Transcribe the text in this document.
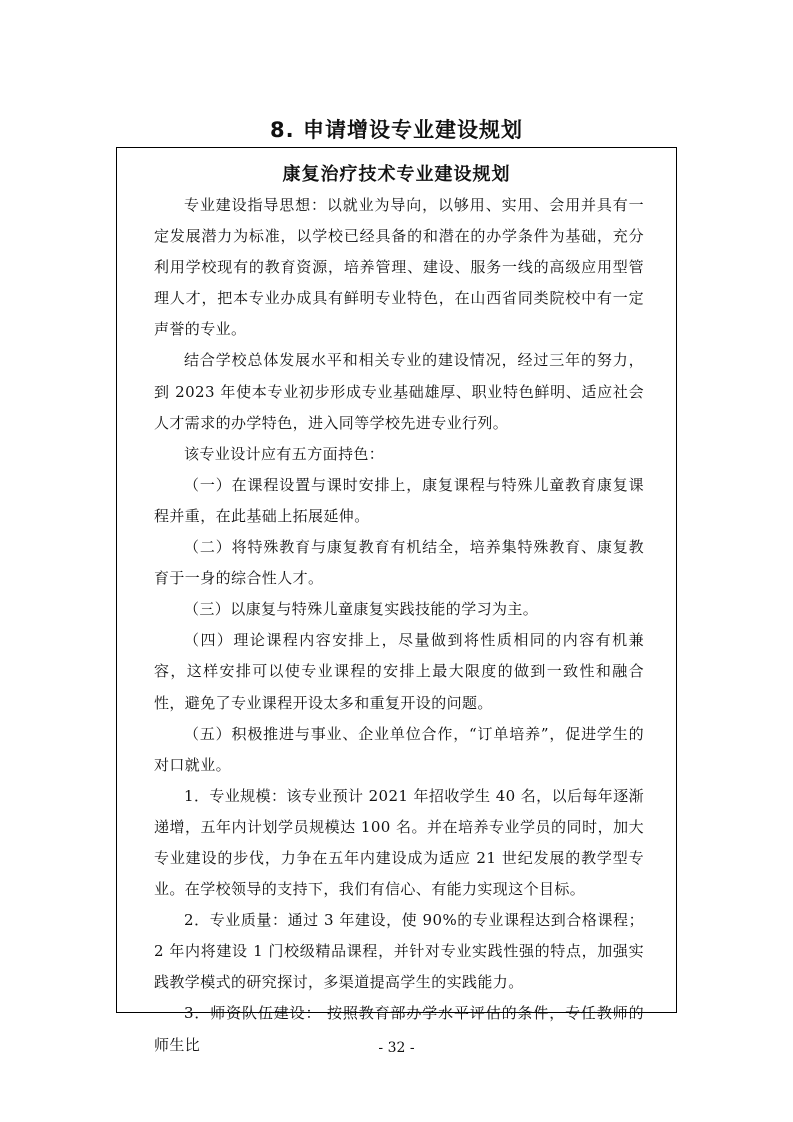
8. 申请增设专业建设规划
康复治疗技术专业建设规划

专业建设指导思想：以就业为导向，以够用、实用、会用并具有一定发展潜力为标准，以学校已经具备的和潜在的办学条件为基础，充分利用学校现有的教育资源，培养管理、建设、服务一线的高级应用型管理人才，把本专业办成具有鲜明专业特色，在山西省同类院校中有一定声誉的专业。

结合学校总体发展水平和相关专业的建设情况，经过三年的努力，到 2023 年使本专业初步形成专业基础雄厚、职业特色鲜明、适应社会人才需求的办学特色，进入同等学校先进专业行列。

该专业设计应有五方面持色：

（一）在课程设置与课时安排上，康复课程与特殊儿童教育康复课程并重，在此基础上拓展延伸。

（二）将特殊教育与康复教育有机结全，培养集特殊教育、康复教育于一身的综合性人才。

（三）以康复与特殊儿童康复实践技能的学习为主。

（四）理论课程内容安排上，尽量做到将性质相同的内容有机兼容，这样安排可以使专业课程的安排上最大限度的做到一致性和融合性，避免了专业课程开设太多和重复开设的问题。

（五）积极推进与事业、企业单位合作，“订单培养”，促进学生的对口就业。

1．专业规模：该专业预计 2021 年招收学生 40 名，以后每年逐渐递增，五年内计划学员规模达 100 名。并在培养专业学员的同时，加大专业建设的步伐，力争在五年内建设成为适应 21 世纪发展的教学型专业。在学校领导的支持下，我们有信心、有能力实现这个目标。

2．专业质量：通过 3 年建设，使 90%的专业课程达到合格课程；2 年内将建设 1 门校级精品课程，并针对专业实践性强的特点，加强实践教学模式的研究探讨，多渠道提高学生的实践能力。

3．师资队伍建设： 按照教育部办学水平评估的条件，专任教师的师生比	- 32 -
